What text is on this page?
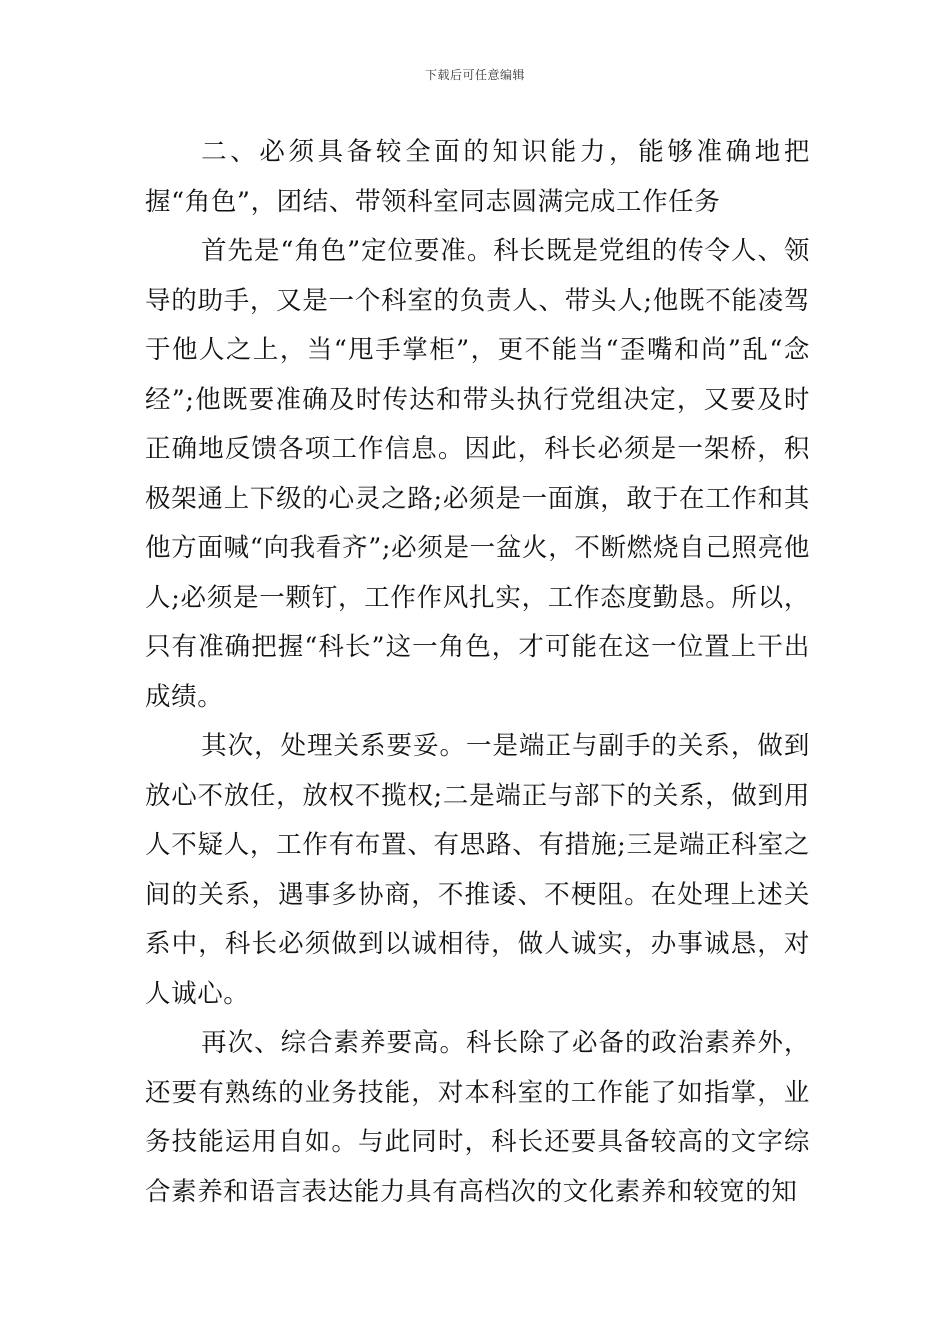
下载后可任意编辑

二、必须具备较全面的知识能力，能够准确地把握“角色”，团结、带领科室同志圆满完成工作任务

首先是“角色”定位要准。科长既是党组的传令人、领导的助手，又是一个科室的负责人、带头人;他既不能凌驾于他人之上，当“甩手掌柜”，更不能当“歪嘴和尚”乱“念经”;他既要准确及时传达和带头执行党组决定，又要及时正确地反馈各项工作信息。因此，科长必须是一架桥，积极架通上下级的心灵之路;必须是一面旗，敢于在工作和其他方面喊“向我看齐”;必须是一盆火，不断燃烧自己照亮他人;必须是一颗钉，工作作风扎实，工作态度勤恳。所以，只有准确把握“科长”这一角色，才可能在这一位置上干出成绩。

其次，处理关系要妥。一是端正与副手的关系，做到放心不放任，放权不揽权;二是端正与部下的关系，做到用人不疑人，工作有布置、有思路、有措施;三是端正科室之间的关系，遇事多协商，不推诿、不梗阻。在处理上述关系中，科长必须做到以诚相待，做人诚实，办事诚恳，对人诚心。

再次、综合素养要高。科长除了必备的政治素养外，还要有熟练的业务技能，对本科室的工作能了如指掌，业务技能运用自如。与此同时，科长还要具备较高的文字综合素养和语言表达能力具有高档次的文化素养和较宽的知
